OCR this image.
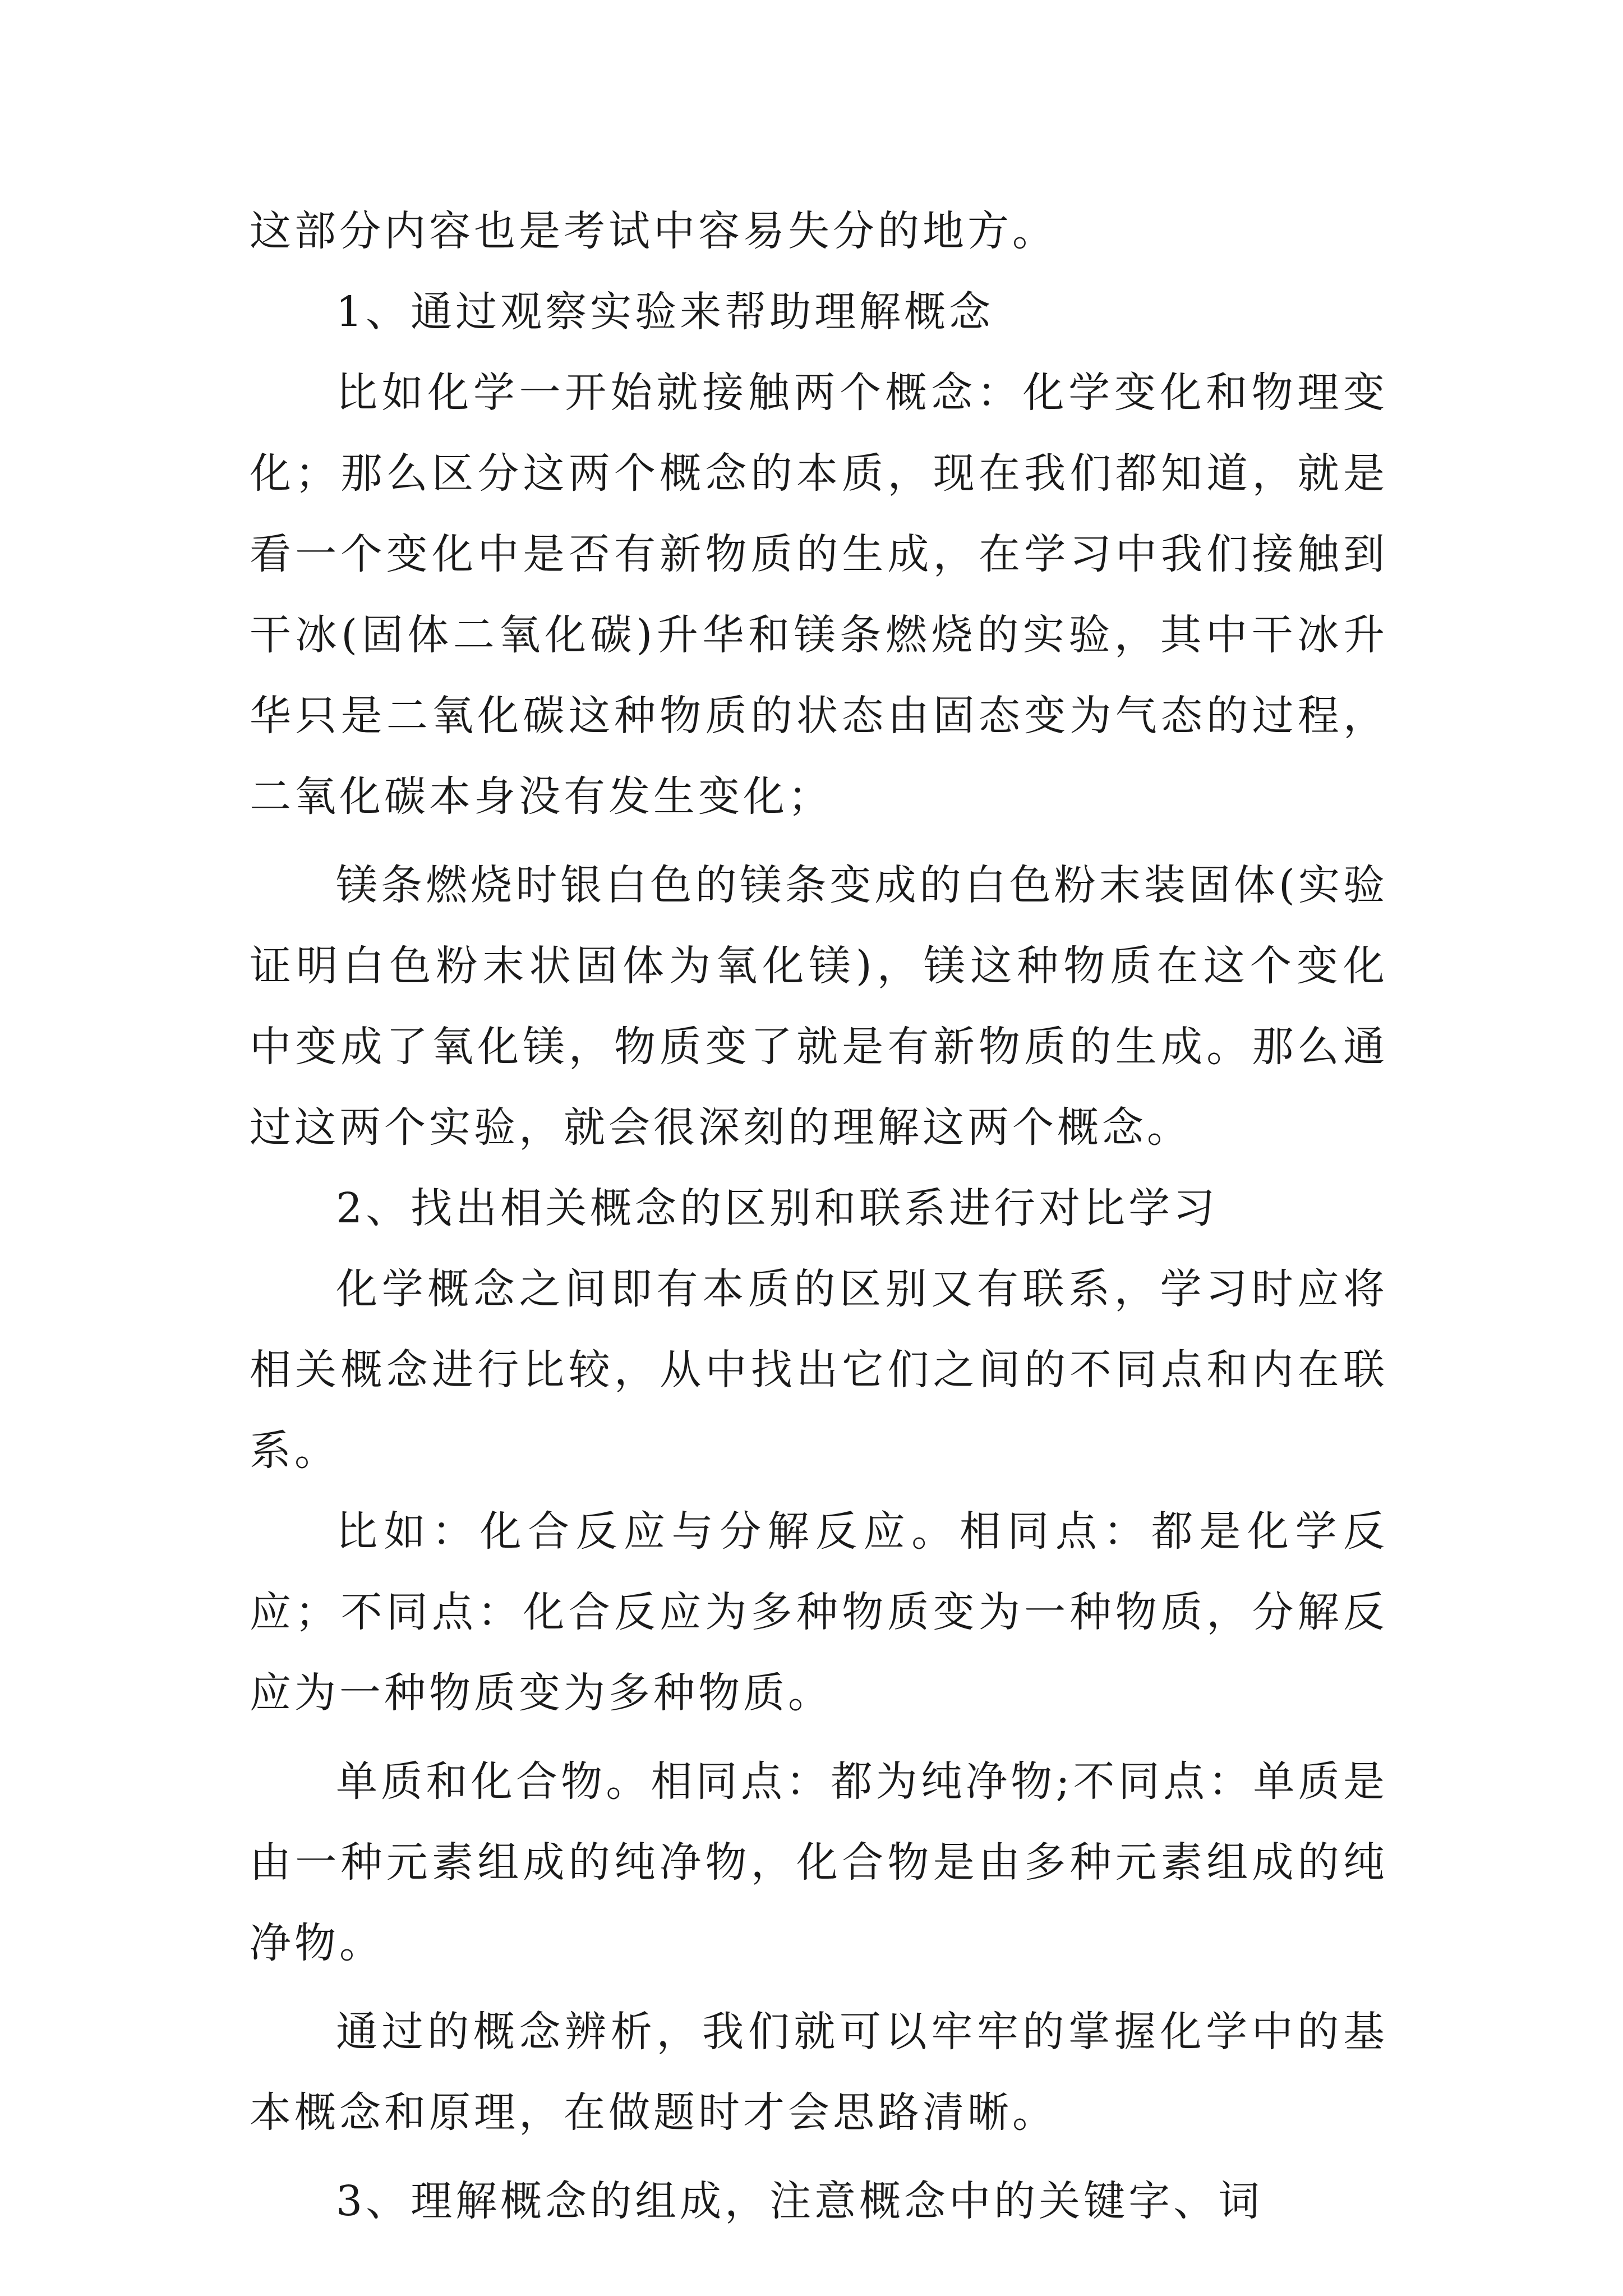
这部分内容也是考试中容易失分的地方。

1、通过观察实验来帮助理解概念

比如化学一开始就接触两个概念：化学变化和物理变化；那么区分这两个概念的本质，现在我们都知道，就是看一个变化中是否有新物质的生成，在学习中我们接触到干冰(固体二氧化碳)升华和镁条燃烧的实验，其中干冰升华只是二氧化碳这种物质的状态由固态变为气态的过程，二氧化碳本身没有发生变化；

镁条燃烧时银白色的镁条变成的白色粉末装固体(实验证明白色粉末状固体为氧化镁)，镁这种物质在这个变化中变成了氧化镁，物质变了就是有新物质的生成。那么通过这两个实验，就会很深刻的理解这两个概念。

2、找出相关概念的区别和联系进行对比学习

化学概念之间即有本质的区别又有联系，学习时应将相关概念进行比较，从中找出它们之间的不同点和内在联系。

比如：化合反应与分解反应。相同点：都是化学反应；不同点：化合反应为多种物质变为一种物质，分解反应为一种物质变为多种物质。

单质和化合物。相同点：都为纯净物;不同点：单质是由一种元素组成的纯净物，化合物是由多种元素组成的纯净物。

通过的概念辨析，我们就可以牢牢的掌握化学中的基本概念和原理，在做题时才会思路清晰。

3、理解概念的组成，注意概念中的关键字、词
